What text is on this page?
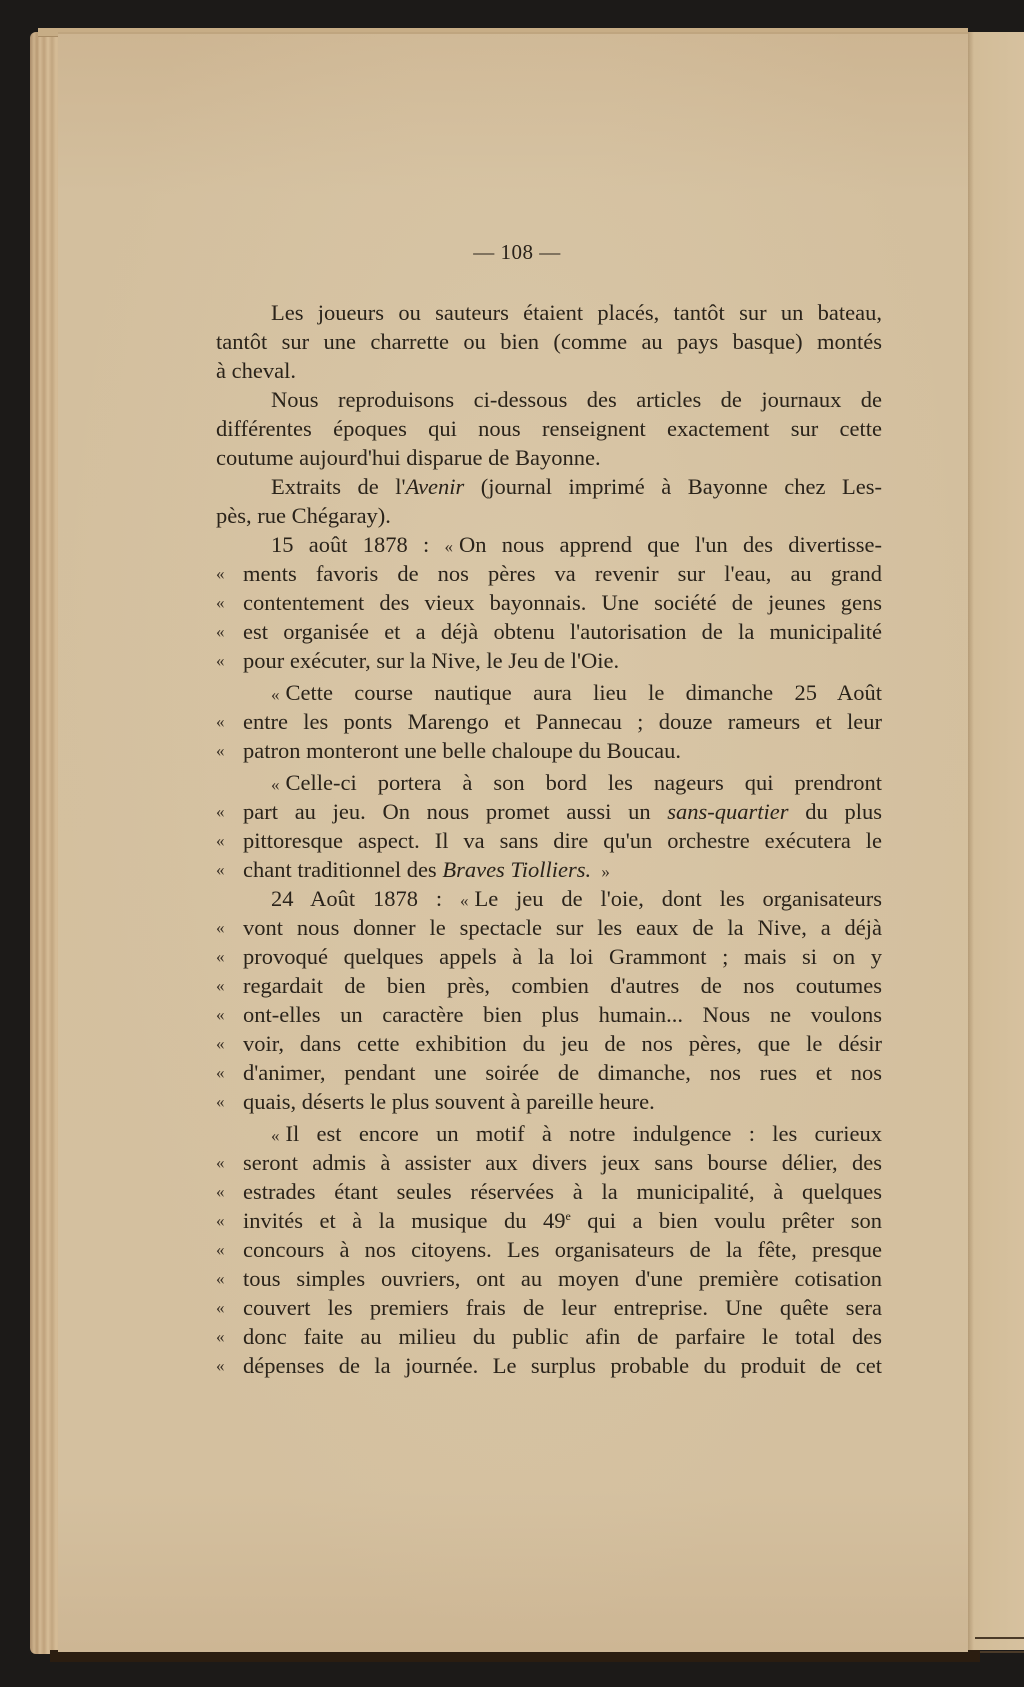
— 108 —
Les joueurs ou sauteurs étaient placés, tantôt sur un bateau,
tantôt sur une charrette ou bien (comme au pays basque) montés
à cheval.
Nous reproduisons ci-dessous des articles de journaux de
différentes époques qui nous renseignent exactement sur cette
coutume aujourd'hui disparue de Bayonne.
Extraits de l'Avenir (journal imprimé à Bayonne chez Les-
pès, rue Chégaray).
15 août 1878 : « On nous apprend que l'un des divertisse-
« ments favoris de nos pères va revenir sur l'eau, au grand
« contentement des vieux bayonnais. Une société de jeunes gens
« est organisée et a déjà obtenu l'autorisation de la municipalité
« pour exécuter, sur la Nive, le Jeu de l'Oie.
« Cette course nautique aura lieu le dimanche 25 Août
« entre les ponts Marengo et Pannecau ; douze rameurs et leur
« patron monteront une belle chaloupe du Boucau.
« Celle-ci portera à son bord les nageurs qui prendront
« part au jeu. On nous promet aussi un sans-quartier du plus
« pittoresque aspect. Il va sans dire qu'un orchestre exécutera le
« chant traditionnel des Braves Tiolliers. »
24 Août 1878 : « Le jeu de l'oie, dont les organisateurs
« vont nous donner le spectacle sur les eaux de la Nive, a déjà
« provoqué quelques appels à la loi Grammont ; mais si on y
« regardait de bien près, combien d'autres de nos coutumes
« ont-elles un caractère bien plus humain... Nous ne voulons
« voir, dans cette exhibition du jeu de nos pères, que le désir
« d'animer, pendant une soirée de dimanche, nos rues et nos
« quais, déserts le plus souvent à pareille heure.
« Il est encore un motif à notre indulgence : les curieux
« seront admis à assister aux divers jeux sans bourse délier, des
« estrades étant seules réservées à la municipalité, à quelques
« invités et à la musique du 49e qui a bien voulu prêter son
« concours à nos citoyens. Les organisateurs de la fête, presque
« tous simples ouvriers, ont au moyen d'une première cotisation
« couvert les premiers frais de leur entreprise. Une quête sera
« donc faite au milieu du public afin de parfaire le total des
« dépenses de la journée. Le surplus probable du produit de cet
